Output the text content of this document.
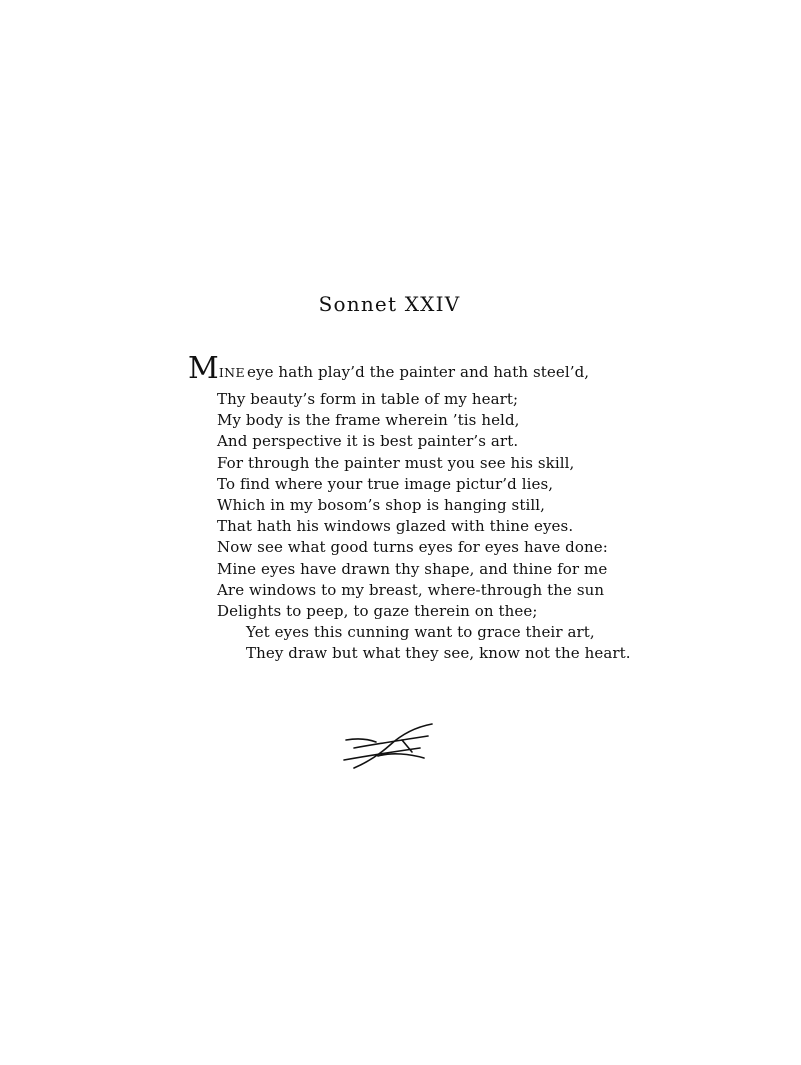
Sonnet XXIV
MINE eye hath play’d the painter and hath steel’d,
Thy beauty’s form in table of my heart;
My body is the frame wherein ’tis held,
And perspective it is best painter’s art.
For through the painter must you see his skill,
To find where your true image pictur’d lies,
Which in my bosom’s shop is hanging still,
That hath his windows glazed with thine eyes.
Now see what good turns eyes for eyes have done:
Mine eyes have drawn thy shape, and thine for me
Are windows to my breast, where-through the sun
Delights to peep, to gaze therein on thee;
Yet eyes this cunning want to grace their art,
They draw but what they see, know not the heart.
